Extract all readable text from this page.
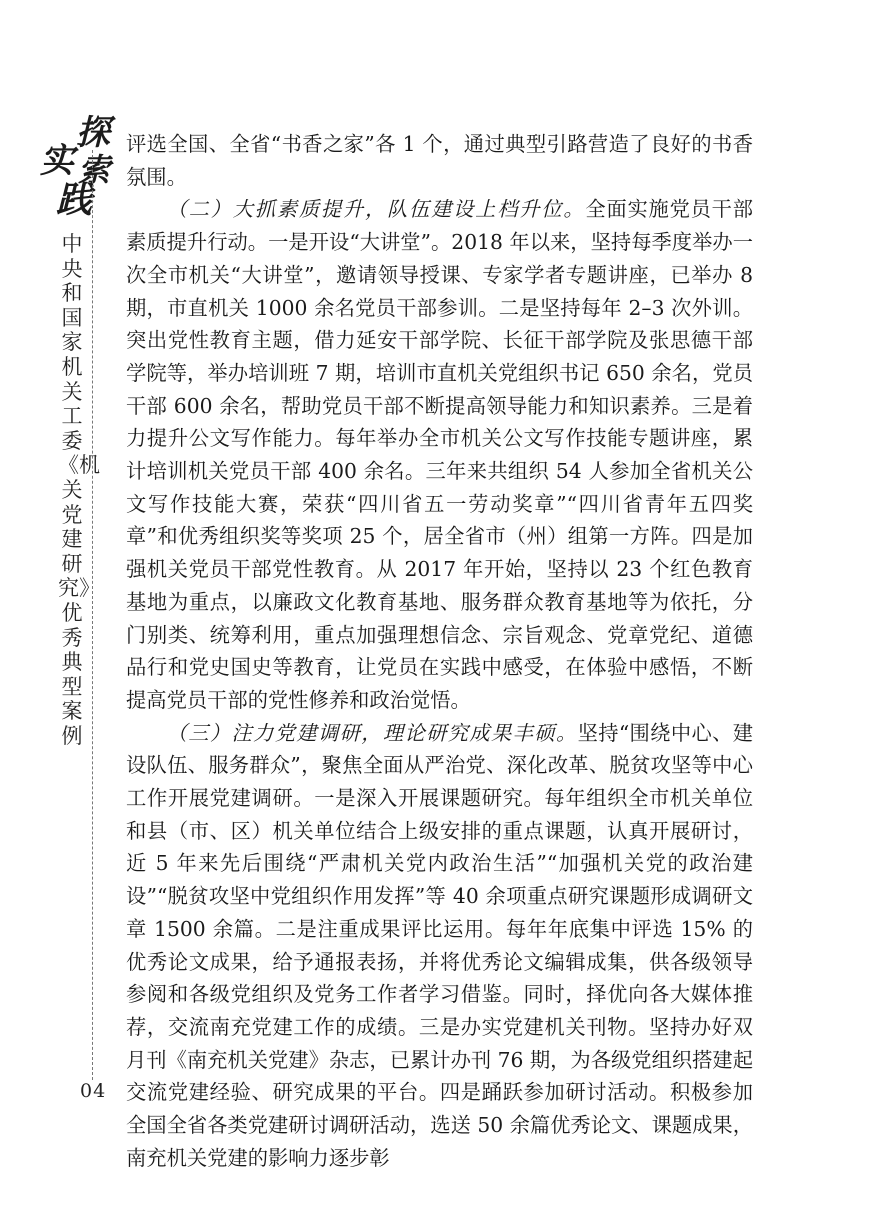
探
实 索
践
中央和国家机关工委《机关党建研究》优秀典型案例
04

评选全国、全省“书香之家”各 1 个，通过典型引路营造了良好的书香氛围。

（二）大抓素质提升，队伍建设上档升位。全面实施党员干部素质提升行动。一是开设“大讲堂”。2018 年以来，坚持每季度举办一次全市机关“大讲堂”，邀请领导授课、专家学者专题讲座，已举办 8 期，市直机关 1000 余名党员干部参训。二是坚持每年 2–3 次外训。突出党性教育主题，借力延安干部学院、长征干部学院及张思德干部学院等，举办培训班 7 期，培训市直机关党组织书记 650 余名，党员干部 600 余名，帮助党员干部不断提高领导能力和知识素养。三是着力提升公文写作能力。每年举办全市机关公文写作技能专题讲座，累计培训机关党员干部 400 余名。三年来共组织 54 人参加全省机关公文写作技能大赛，荣获“四川省五一劳动奖章”“四川省青年五四奖章”和优秀组织奖等奖项 25 个，居全省市（州）组第一方阵。四是加强机关党员干部党性教育。从 2017 年开始，坚持以 23 个红色教育基地为重点，以廉政文化教育基地、服务群众教育基地等为依托，分门别类、统筹利用，重点加强理想信念、宗旨观念、党章党纪、道德品行和党史国史等教育，让党员在实践中感受，在体验中感悟，不断提高党员干部的党性修养和政治觉悟。

（三）注力党建调研，理论研究成果丰硕。坚持“围绕中心、建设队伍、服务群众”，聚焦全面从严治党、深化改革、脱贫攻坚等中心工作开展党建调研。一是深入开展课题研究。每年组织全市机关单位和县（市、区）机关单位结合上级安排的重点课题，认真开展研讨，近 5 年来先后围绕“严肃机关党内政治生活”“加强机关党的政治建设”“脱贫攻坚中党组织作用发挥”等 40 余项重点研究课题形成调研文章 1500 余篇。二是注重成果评比运用。每年年底集中评选 15% 的优秀论文成果，给予通报表扬，并将优秀论文编辑成集，供各级领导参阅和各级党组织及党务工作者学习借鉴。同时，择优向各大媒体推荐，交流南充党建工作的成绩。三是办实党建机关刊物。坚持办好双月刊《南充机关党建》杂志，已累计办刊 76 期，为各级党组织搭建起交流党建经验、研究成果的平台。四是踊跃参加研讨活动。积极参加全国全省各类党建研讨调研活动，选送 50 余篇优秀论文、课题成果，南充机关党建的影响力逐步彰
